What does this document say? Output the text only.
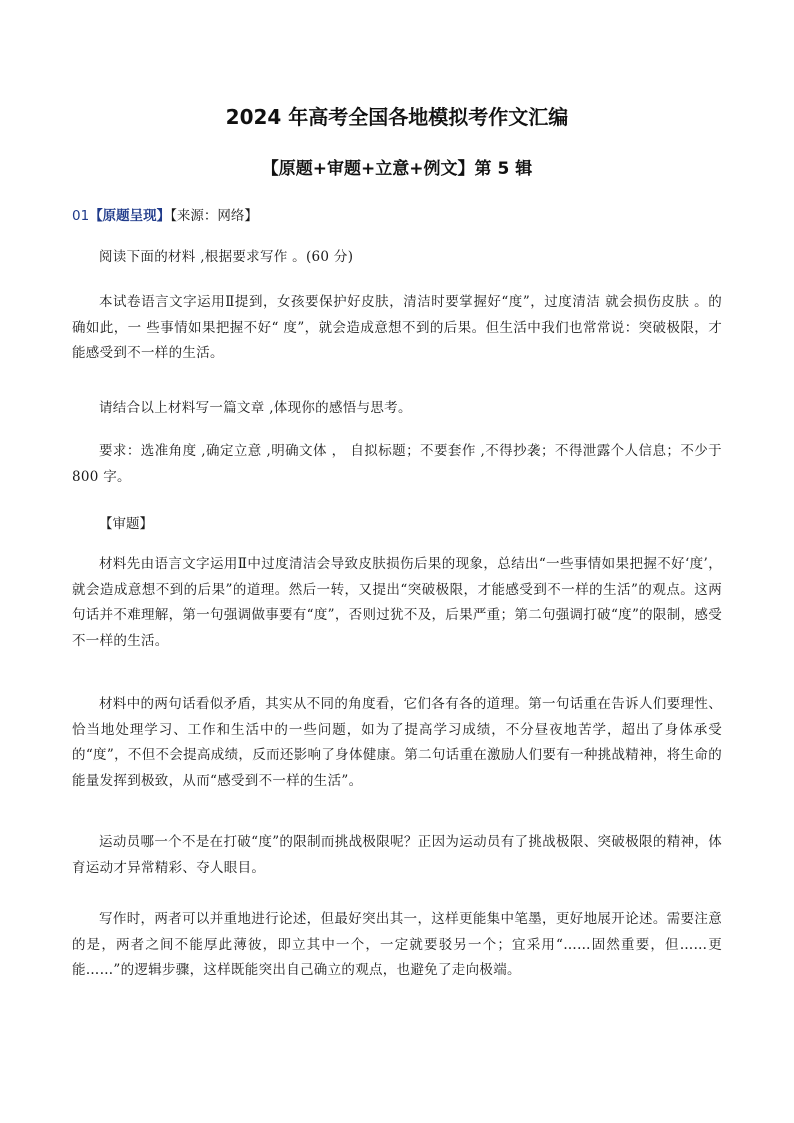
2024 年高考全国各地模拟考作文汇编
【原题+审题+立意+例文】第 5 辑
01【原题呈现】【来源：网络】
阅读下面的材料 ,根据要求写作 。(60 分)
本试卷语言文字运用Ⅱ提到，女孩要保护好皮肤，清洁时要掌握好“度”，过度清洁 就会损伤皮肤 。的确如此，一 些事情如果把握不好“ 度”，就会造成意想不到的后果。但生活中我们也常常说：突破极限，才能感受到不一样的生活。
请结合以上材料写一篇文章 ,体现你的感悟与思考。
要求：选准角度 ,确定立意 ,明确文体 ， 自拟标题；不要套作 ,不得抄袭；不得泄露个人信息；不少于 800 字。
【审题】
材料先由语言文字运用Ⅱ中过度清洁会导致皮肤损伤后果的现象，总结出“一些事情如果把握不好‘度’，就会造成意想不到的后果”的道理。然后一转，又提出“突破极限，才能感受到不一样的生活”的观点。这两句话并不难理解，第一句强调做事要有“度”，否则过犹不及，后果严重；第二句强调打破“度”的限制，感受不一样的生活。
材料中的两句话看似矛盾，其实从不同的角度看，它们各有各的道理。第一句话重在告诉人们要理性、恰当地处理学习、工作和生活中的一些问题，如为了提高学习成绩，不分昼夜地苦学，超出了身体承受的“度”，不但不会提高成绩，反而还影响了身体健康。第二句话重在激励人们要有一种挑战精神，将生命的能量发挥到极致，从而“感受到不一样的生活”。
运动员哪一个不是在打破“度”的限制而挑战极限呢？正因为运动员有了挑战极限、突破极限的精神，体育运动才异常精彩、夺人眼目。
写作时，两者可以并重地进行论述，但最好突出其一，这样更能集中笔墨，更好地展开论述。需要注意的是，两者之间不能厚此薄彼，即立其中一个，一定就要驳另一个；宜采用“……固然重要，但……更能……”的逻辑步骤，这样既能突出自己确立的观点，也避免了走向极端。
